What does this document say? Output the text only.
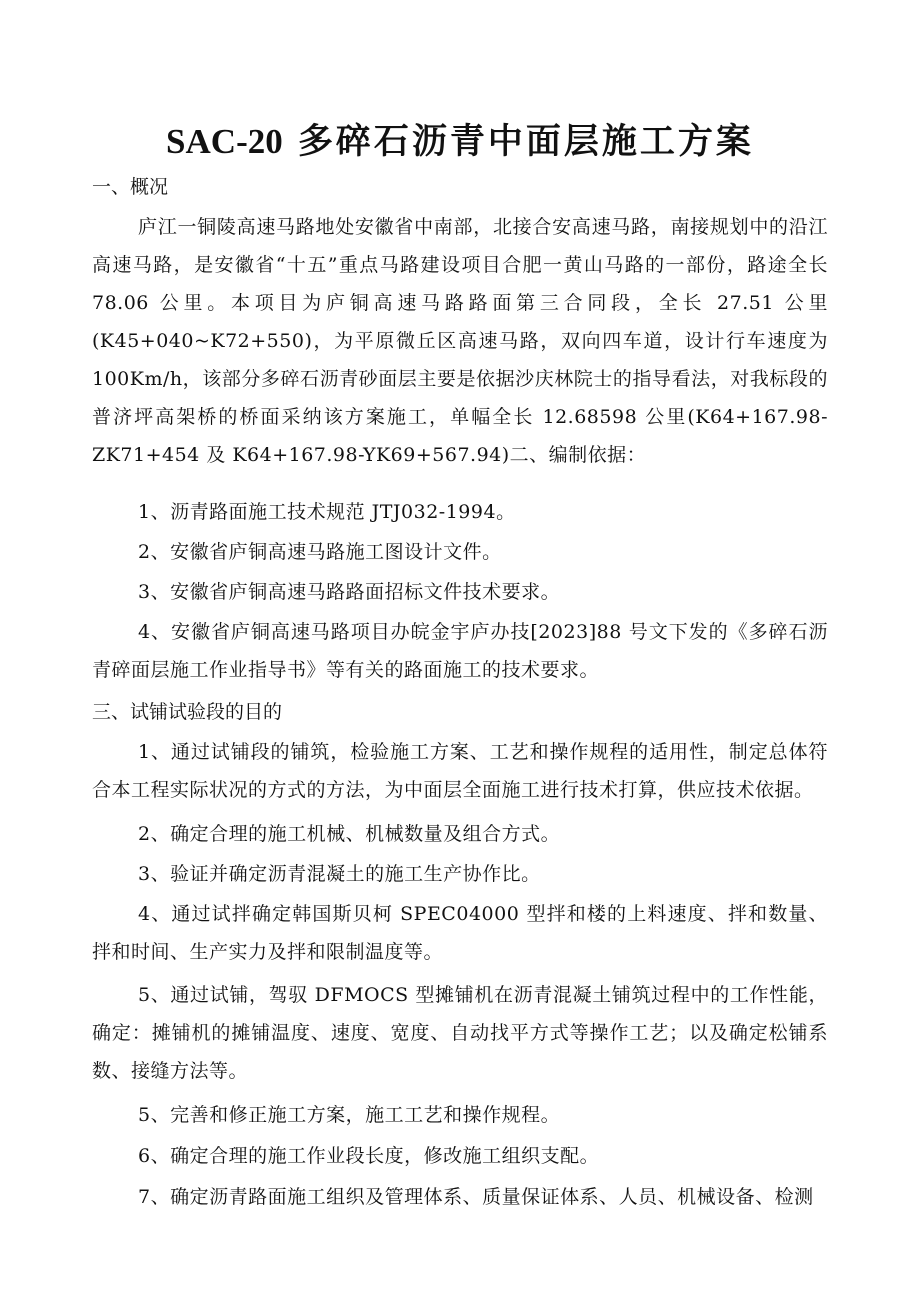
SAC-20 多碎石沥青中面层施工方案

一、概况

庐江一铜陵高速马路地处安徽省中南部，北接合安高速马路，南接规划中的沿江高速马路，是安徽省“十五”重点马路建设项目合肥一黄山马路的一部份，路途全长 78.06 公里。本项目为庐铜高速马路路面第三合同段，全长 27.51 公里(K45+040~K72+550)，为平原微丘区高速马路，双向四车道，设计行车速度为 100Km/h，该部分多碎石沥青砂面层主要是依据沙庆林院士的指导看法，对我标段的普济坪高架桥的桥面采纳该方案施工，单幅全长 12.68598 公里(K64+167.98-ZK71+454 及 K64+167.98-YK69+567.94)二、编制依据：

1、沥青路面施工技术规范 JTJ032-1994。

2、安徽省庐铜高速马路施工图设计文件。

3、安徽省庐铜高速马路路面招标文件技术要求。

4、安徽省庐铜高速马路项目办皖金宇庐办技[2023]88 号文下发的《多碎石沥青碎面层施工作业指导书》等有关的路面施工的技术要求。

三、试铺试验段的目的

1、通过试铺段的铺筑，检验施工方案、工艺和操作规程的适用性，制定总体符合本工程实际状况的方式的方法，为中面层全面施工进行技术打算，供应技术依据。

2、确定合理的施工机械、机械数量及组合方式。

3、验证并确定沥青混凝土的施工生产协作比。

4、通过试拌确定韩国斯贝柯 SPEC04000 型拌和楼的上料速度、拌和数量、拌和时间、生产实力及拌和限制温度等。

5、通过试铺，驾驭 DFMOCS 型摊铺机在沥青混凝土铺筑过程中的工作性能，确定：摊铺机的摊铺温度、速度、宽度、自动找平方式等操作工艺；以及确定松铺系数、接缝方法等。

5、完善和修正施工方案，施工工艺和操作规程。

6、确定合理的施工作业段长度，修改施工组织支配。

7、确定沥青路面施工组织及管理体系、质量保证体系、人员、机械设备、检测
